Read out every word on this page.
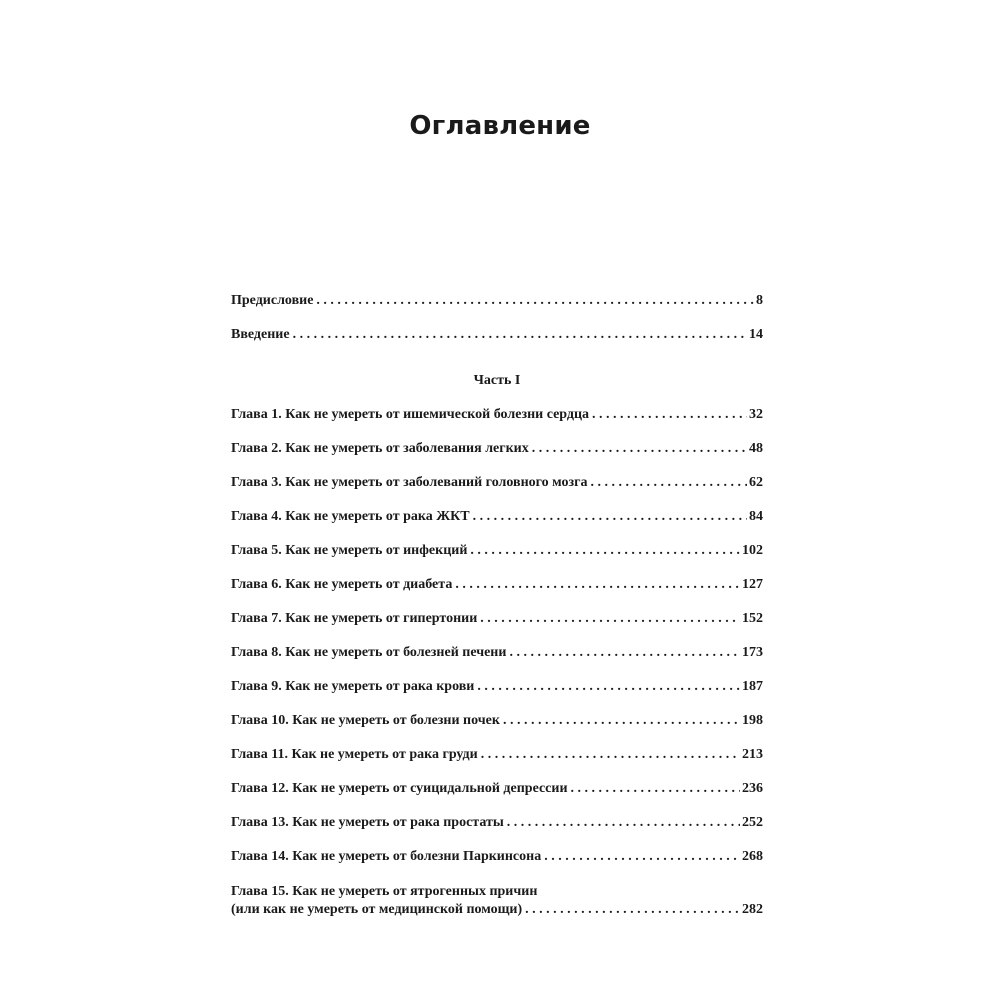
Оглавление
Предисловие . . .	8
Введение . . .	14
Часть I
Глава 1. Как не умереть от ишемической болезни сердца . . .	32
Глава 2. Как не умереть от заболевания легких . . .	48
Глава 3. Как не умереть от заболеваний головного мозга . . .	62
Глава 4. Как не умереть от рака ЖКТ . . .	84
Глава 5. Как не умереть от инфекций . . .	102
Глава 6. Как не умереть от диабета . . .	127
Глава 7. Как не умереть от гипертонии . . .	152
Глава 8. Как не умереть от болезней печени . . .	173
Глава 9. Как не умереть от рака крови . . .	187
Глава 10. Как не умереть от болезни почек . . .	198
Глава 11. Как не умереть от рака груди . . .	213
Глава 12. Как не умереть от суицидальной депрессии . . .	236
Глава 13. Как не умереть от рака простаты . . .	252
Глава 14. Как не умереть от болезни Паркинсона . . .	268
Глава 15. Как не умереть от ятрогенных причин
(или как не умереть от медицинской помощи) . . .	282
